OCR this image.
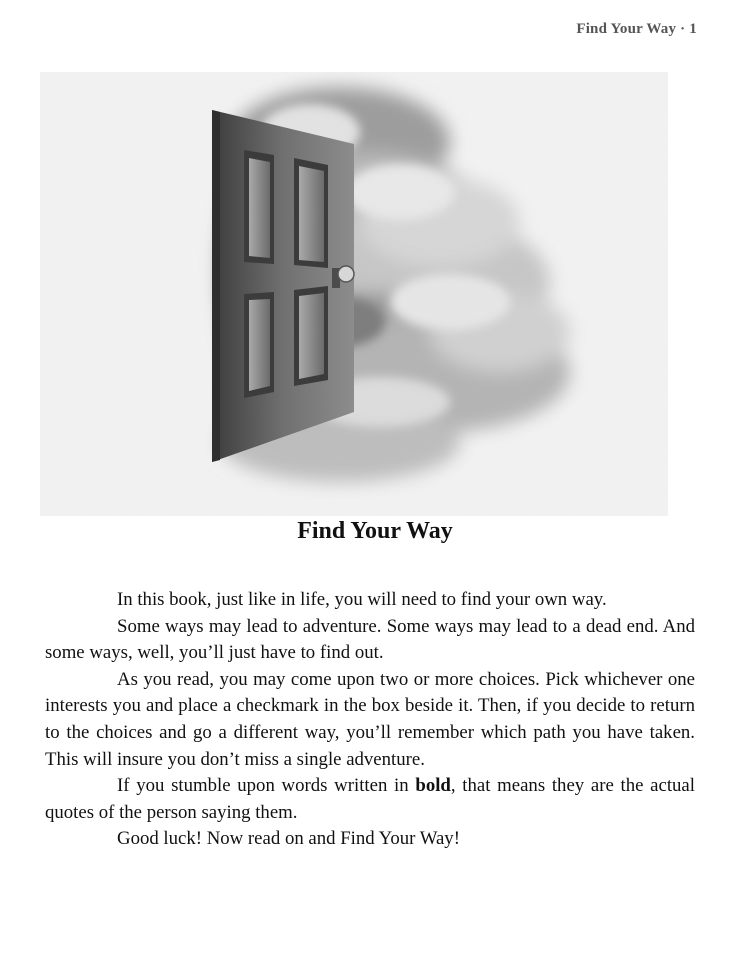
Find Your Way · 1
Find Your Way

In this book, just like in life, you will need to find your own way.

Some ways may lead to adventure. Some ways may lead to a dead end. And some ways, well, you’ll just have to find out.

As you read, you may come upon two or more choices. Pick whichever one interests you and place a checkmark in the box beside it. Then, if you decide to return to the choices and go a different way, you’ll remember which path you have taken. This will insure you don’t miss a single adventure.

If you stumble upon words written in bold, that means they are the actual quotes of the person saying them.

Good luck! Now read on and Find Your Way!
